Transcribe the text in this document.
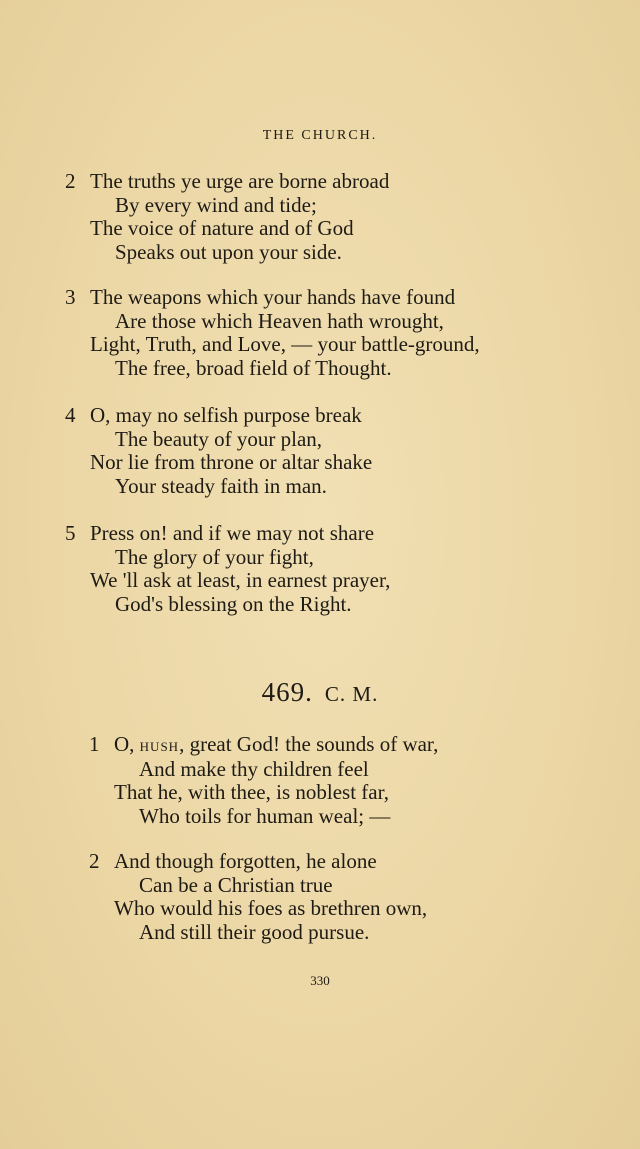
THE CHURCH.
2 The truths ye urge are borne abroad
By every wind and tide;
The voice of nature and of God
Speaks out upon your side.
3 The weapons which your hands have found
Are those which Heaven hath wrought,
Light, Truth, and Love, — your battle-ground,
The free, broad field of Thought.
4 O, may no selfish purpose break
The beauty of your plan,
Nor lie from throne or altar shake
Your steady faith in man.
5 Press on! and if we may not share
The glory of your fight,
We 'll ask at least, in earnest prayer,
God's blessing on the Right.
469. C. M.
1 O, hush, great God! the sounds of war,
And make thy children feel
That he, with thee, is noblest far,
Who toils for human weal; —
2 And though forgotten, he alone
Can be a Christian true
Who would his foes as brethren own,
And still their good pursue.
330
